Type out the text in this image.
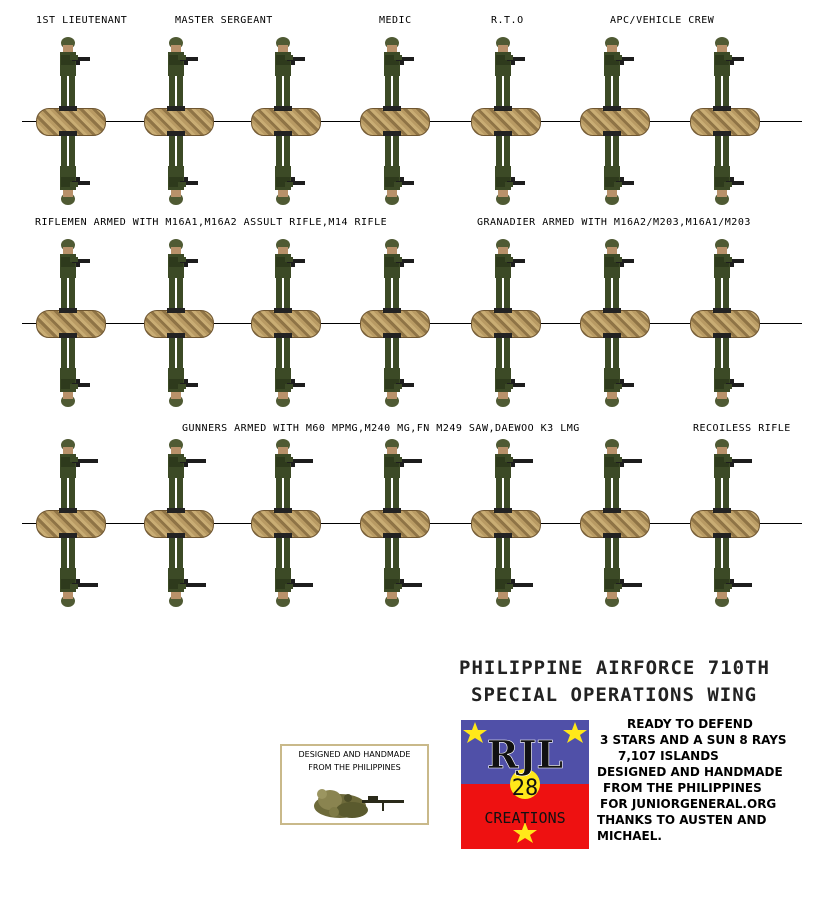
1ST LIEUTENANT	MASTER SERGEANT	MEDIC	R.T.O	APC/VEHICLE CREW
RIFLEMEN ARMED WITH M16A1,M16A2 ASSULT RIFLE,M14 RIFLE	GRANADIER ARMED WITH M16A2/M203,M16A1/M203
GUNNERS ARMED WITH M60 MPMG,M240 MG,FN M249 SAW,DAEWOO K3 LMG	RECOILESS RIFLE
PHILIPPINE AIRFORCE 710TH
SPECIAL OPERATIONS WING
RJL
28
CREATIONS
READY TO DEFEND
3 STARS AND A SUN 8 RAYS
7,107 ISLANDS
DESIGNED AND HANDMADE
FROM THE PHILIPPINES
FOR JUNIORGENERAL.ORG
THANKS TO AUSTEN AND
MICHAEL.
DESIGNED AND HANDMADE
FROM THE PHILIPPINES
